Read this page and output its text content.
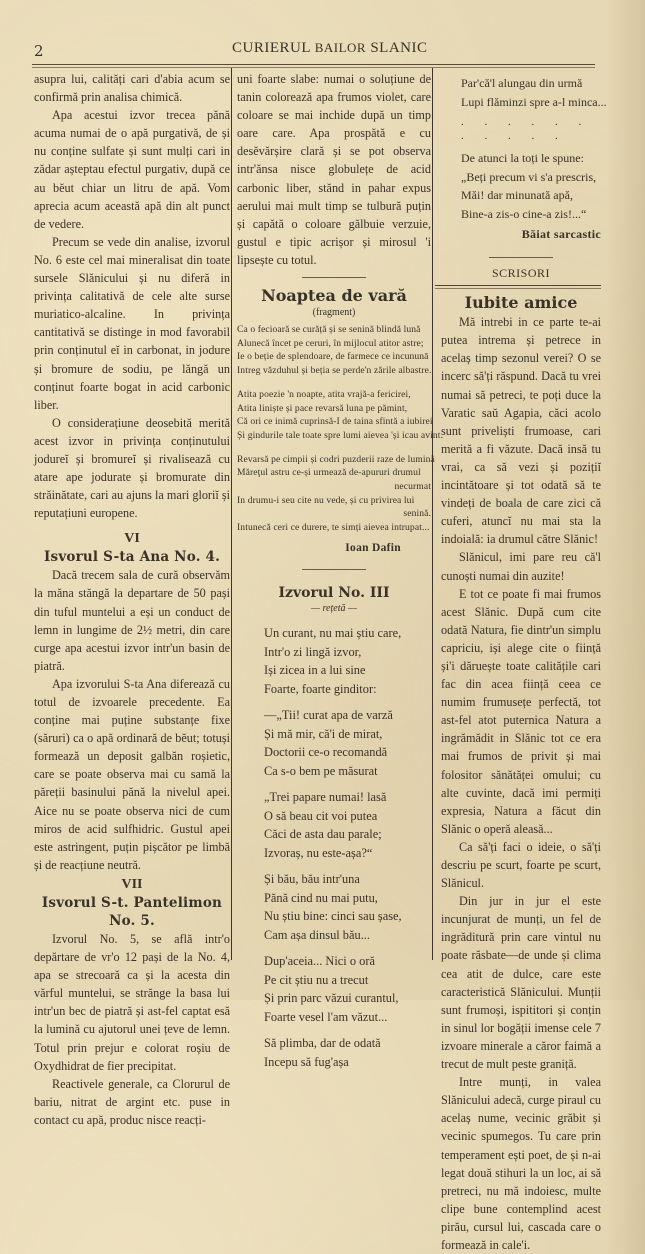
2	CURIERUL BAILOR SLANIC

asupra lui, calități cari d'abia acum se confirmă prin analisa chimică.

Apa acestui izvor trecea pănă acuma numai de o apă purgativă, de și nu conține sulfate și sunt mulți cari in zădar așteptau efectul purgativ, după ce au bĕut chiar un litru de apă. Vom aprecia acum această apă din alt punct de vedere.

Precum se vede din analise, izvorul No. 6 este cel mai mineralisat din toate sursele Slănicului și nu diferă in privința calitativă de cele alte surse muriatico-alcaline. In privința cantitativă se distinge in mod favorabil prin conținutul eĭ in carbonat, in jodure și bromure de sodiu, pe lăngă un conținut foarte bogat in acid carbonic liber.

O considerațiune deosebită merită acest izvor in privința conținutului jodureĭ și bromureĭ și rivalisează cu atare ape jodurate și bromurate din străinătate, cari au ajuns la mari gloriĭ și reputațiuni europene.

VI
Isvorul S-ta Ana No. 4.

Dacă trecem sala de cură observăm la măna stăngă la departare de 50 pași din tuful muntelui a eși un conduct de lemn in lungime de 2½ metri, din care curge apa acestui izvor intr'un basin de piatră.

Apa izvorului S-ta Ana diferează cu totul de izvoarele precedente. Ea conține mai puține substanțe fixe (săruri) ca o apă ordinară de bĕut; totuși formează un deposit galbăn roșietic, care se poate observa mai cu samă la păreții basinului pănă la nivelul apei. Aice nu se poate observa nici de cum miros de acid sulfhidric. Gustul apei este astringent, puțin pișcător pe limbă și de reacțiune neutră.

VII
Isvorul S-t. Pantelimon No. 5.

Izvorul No. 5, se află intr'o depărtare de vr'o 12 pași de la No. 4, apa se strecoară ca și la acesta din vărful muntelui, se strănge la basa lui intr'un bec de piatră și ast-fel captat esă la lumină cu ajutorul unei țeve de lemn. Totul prin prejur e colorat roșiu de Oxydhidrat de fier precipitat.

Reactivele generale, ca Clorurul de bariu, nitrat de argint etc. puse in contact cu apă, produc nisce reacți-

uni foarte slabe: numai o soluțiune de tanin colorează apa frumos violet, care coloare se mai inchide după un timp oare care. Apa prospătă e cu desĕvărșire clară și se pot observa intr'ănsa nisce globulețe de acid carbonic liber, stănd in pahar expus aerului mai mult timp se tulbură puțin și capătă o coloare gălbuie verzuie, gustul e tipic acrișor și mirosul 'i lipsește cu totul.

Noaptea de vară
(fragment)
Ca o fecioară se curăță și se senină blindă lună
Alunecă încet pe ceruri, în mijlocul atitor astre;
Ie o beție de splendoare, de farmece ce incununā
Intreg văzduhul și beția se perde'n zările albastre.
Atita poezie 'n noapte, atita vrajă-a fericirei,
Atita liniște și pace revarsă luna pe pămint,
Că ori ce inimă cuprinsă-I de taina sfintă a iubirei
Și gindurile tale toate spre lumi aievea 'și icau avint.
Revarsă pe cimpii și codri puzderii raze de lumină
Măreţul astru ce-și urmează de-apururi drumul
necurmat
In drumu-i seu cite nu vede, și cu privirea lui
senină.
Intunecă ceri ce durere, te simți aievea intrupat...
Ioan Dafin
Izvorul No. III
— rețetă —
Un curant, nu mai știu care,
Intr'o zi lingă izvor,
Iși zicea in a lui sine
Foarte, foarte ginditor:
—„Tii! curat apa de varză
Și mă mir, că'i de mirat,
Doctorii ce-o recomandă
Ca s-o bem pe măsurat
„Trei papare numai! lasă
O să beau cit voi putea
Căci de asta dau parale;
Izvoraș, nu este-așa?“
Și bău, bău intr'una
Pănă cind nu mai putu,
Nu știu bine: cinci sau șase,
Cam așa dinsul bău...
Dup'aceia... Nici o oră
Pe cit știu nu a trecut
Și prin parc văzui curantul,
Foarte vesel l'am văzut...
Să plimba, dar de odată
Incepu să fug'așa
Par'că'l alungau din urmă
Lupi flăminzi spre a-l minca...
. . . . . . . . . . .
De atunci la toți le spune:
„Beți precum vi s'a prescris,
Măi! dar minunată apă,
Bine-a zis-o cine-a zis!...“
Băiat sarcastic
SCRISORI
Iubite amice

Mă intrebi in ce parte te-ai putea intrema și petrece in acelaș timp sezonul verei? O se incerc să'ți răspund. Dacă tu vrei numai să petreci, te poți duce la Varatic saŭ Agapia, căci acolo sunt priveliști frumoase, cari merită a fi văzute. Dacă insă tu vrai, ca să vezi și pozițiĭ incintătoare și tot odată să te vindeți de boala de care zici că cuferi, atuncĭ nu mai sta la indoială: ia drumul către Slănic!

Slănicul, imi pare reu că'l cunoști numai din auzite!

E tot ce poate fi mai frumos acest Slănic. După cum cite odată Natura, fie dintr'un simplu capriciu, iși alege cite o ființă și'i dăruește toate calitățile cari fac din acea ființă ceea ce numim frumusețe perfectă, tot ast-fel atot puternica Natura a ingrămădit in Slănic tot ce era mai frumos de privit și mai folositor sănătăței omului; cu alte cuvinte, dacă imi permiți expresia, Natura a făcut din Slănic o operă aleasă...

Ca să'ți faci o ideie, o să'ți descriu pe scurt, foarte pe scurt, Slănicul.

Din jur in jur el este incunjurat de munți, un fel de ingrăditură prin care vintul nu poate răsbate—de unde și clima cea atit de dulce, care este caracteristică Slănicului. Munții sunt frumoși, ispititori și conțin in sinul lor bogății imense cele 7 izvoare minerale a căror faimă a trecut de mult peste graniță.

Intre munți, in valea Slănicului adecă, curge piraul cu acelaș nume, vecinic grăbit și vecinic spumegos. Tu care prin temperament ești poet, de și n-ai legat două stihuri la un loc, ai să pretreci, nu mă indoiesc, multe clipe bune contemplind acest pirău, cursul lui, cascada care o formează in cale'i.
